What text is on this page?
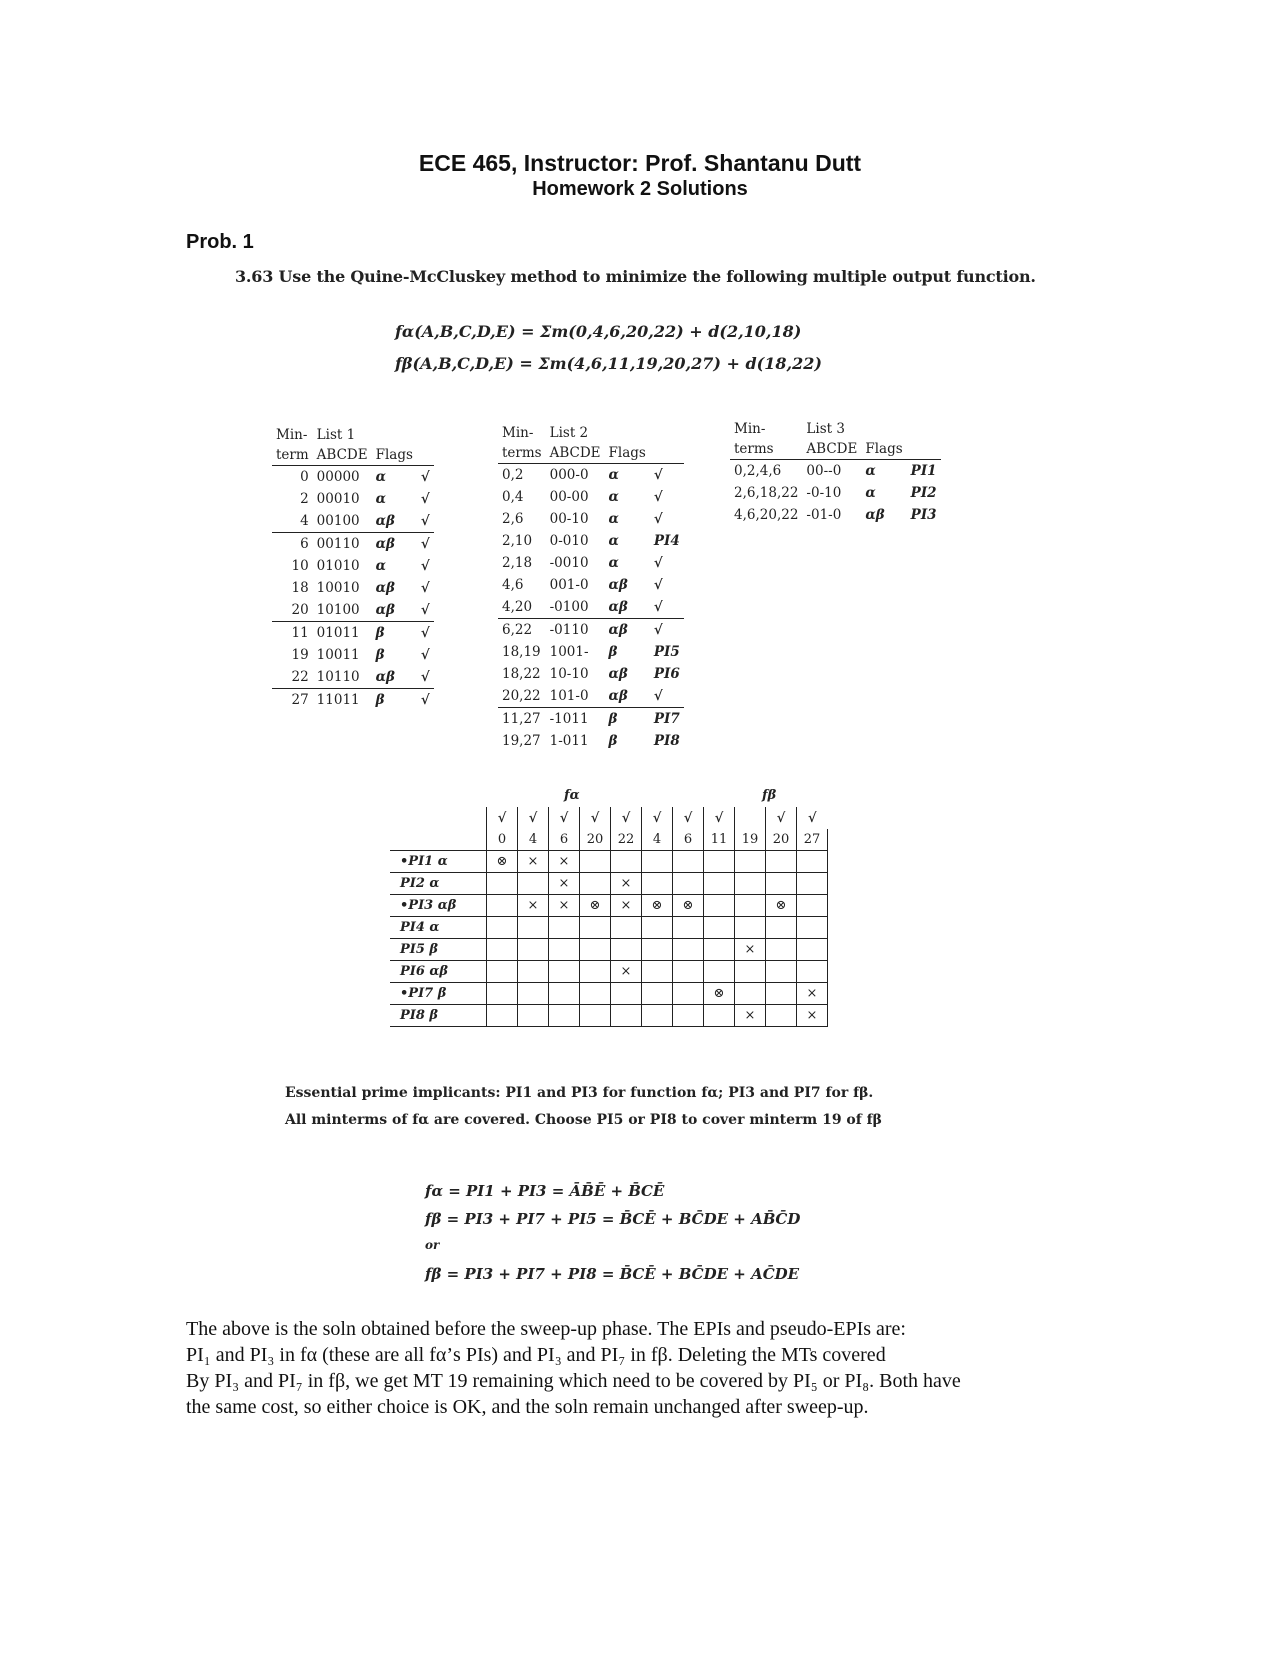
ECE 465, Instructor: Prof. Shantanu Dutt
Homework 2 Solutions
Prob. 1
3.63 Use the Quine-McCluskey method to minimize the following multiple output function.
fα(A,B,C,D,E) = Σm(0,4,6,20,22) + d(2,10,18)
fβ(A,B,C,D,E) = Σm(4,6,11,19,20,27) + d(18,22)
Min-	List 1		
term	ABCDE	Flags	
0	00000	α	√
2	00010	α	√
4	00100	αβ	√
6	00110	αβ	√
10	01010	α	√
18	10010	αβ	√
20	10100	αβ	√
11	01011	β	√
19	10011	β	√
22	10110	αβ	√
27	11011	β	√
Min-	List 2		
terms	ABCDE	Flags	
0,2	000-0	α	√
0,4	00-00	α	√
2,6	00-10	α	√
2,10	0-010	α	PI4
2,18	-0010	α	√
4,6	001-0	αβ	√
4,20	-0100	αβ	√
6,22	-0110	αβ	√
18,19	1001-	β	PI5
18,22	10-10	αβ	PI6
20,22	101-0	αβ	√
11,27	-1011	β	PI7
19,27	1-011	β	PI8
Min-	List 3		
terms	ABCDE	Flags	
0,2,4,6	00--0	α	PI1
2,6,18,22	-0-10	α	PI2
4,6,20,22	-01-0	αβ	PI3
fα	fβ
	√	√	√	√	√	√	√	√		√	√
	0	4	6	20	22	4	6	11	19	20	27
•PI1 α	⊗	×	×								
PI2 α			×		×						
•PI3 αβ		×	×	⊗	×	⊗	⊗			⊗	
PI4 α											
PI5 β									×		
PI6 αβ					×						
•PI7 β								⊗			×
PI8 β									×		×
Essential prime implicants: PI1 and PI3 for function fα; PI3 and PI7 for fβ.
All minterms of fα are covered. Choose PI5 or PI8 to cover minterm 19 of fβ
fα = PI1 + PI3 = ĀB̄Ē + B̄CĒ
fβ = PI3 + PI7 + PI5 = B̄CĒ + BC̄DE + AB̄C̄D
or
fβ = PI3 + PI7 + PI8 = B̄CĒ + BC̄DE + AC̄DE

The above is the soln obtained before the sweep-up phase. The EPIs and pseudo-EPIs are:

PI₁ and PI₃ in fα (these are all fα’s PIs) and PI₃ and PI₇ in fβ. Deleting the MTs covered

By PI₃ and PI₇ in fβ, we get MT 19 remaining which need to be covered by PI₅ or PI₈. Both have

the same cost, so either choice is OK, and the soln remain unchanged after sweep-up.
